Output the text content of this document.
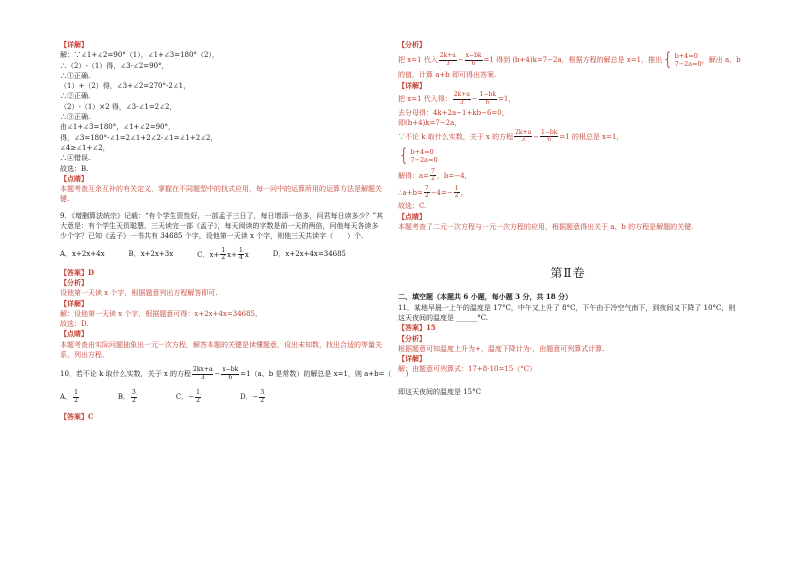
【详解】
解：∵∠1+∠2=90°（1），∠1+∠3=180°（2），
∴（2）-（1）得，∠3-∠2=90°，
∴①正确.
（1）+（2）得，∠3+∠2=270°-2∠1，
∴②正确.
（2）-（1）×2 得，∠3-∠1=2∠2，
∴③正确.
由∠1+∠3=180°，∠1+∠2=90°，
得，∠3=180°-∠1=2∠1+2∠2-∠1=∠1+2∠2，
∠4≥∠1+∠2，
∴④错误.
故选：B.
【点睛】
本题考查互余互补的有关定义，掌握在不同题型中的找式应用，每一问中的运算所用的运算方法是解题关
键.
9．《增删算法统宗》记载：“有个学生资性好，一部孟子三日了，每日增添一倍多，问君每日读多少？”其
大意是：有个学生天资聪慧，三天读完一部《孟子》，每天阅读的字数是前一天的两倍，问他每天各读多
少个字？已知《孟子》一书共有 34685 个字，设他第一天读 x 个字，则他三天共读字（　　）个.
A．x+2x+4x	B．x+2x+3x	C．$x+ \frac{1}{2} x+ \frac{1}{4}$ x	D．x+2x+4x=34685
【答案】D
【分析】
设他第一天读 x 个字，根据题意列出方程解答即可.
【详解】
解：设他第一天读 x 个字，根据题意可得：x+2x+4x=34685，
故选：D.
【点睛】
本题考查由实际问题抽象出一元一次方程，解答本题的关键是读懂题意，设出未知数，找出合适的等量关
系，列出方程.
10．若不论 k 取什么实数，关于 x 的方程 $\frac{2kx+a}{3} - \frac{x-bk}{6} =1(a$、b 是常数）的解总是 x=1，则 a+b=（　　）
A． $\frac{1}{2}$	B． $\frac{3}{2}$	C．− $\frac{1}{2}$	D．− $\frac{3}{2}$
【答案】C
【分析】
把 x=1 代入 $\frac{2k+a}{3} - \frac{x-bk}{6} =1$ 得到 (b+4)k=7−2a，根据方程的解总是 x=1，推出 { b+4=0
7−2a=0
，解出 a、b
的值，计算 a+b 即可得出答案.
【详解】
把 x=1 代入得： $\frac{2k+a}{3} - \frac{1-bk}{6} =1$，
去分母得：4k+2a−1+kb−6=0，
即(b+4)k=7−2a，
∵不论 k 取什么实数，关于 x 的方程 $\frac{2k+a}{3} - \frac{1-bk}{6} =1$ 的根总是 x=1，
{ b+4=0
7−2a=0
解得：$a= \frac{7}{2}$ ，b=−4，
∴a+b= $\frac{7}{2} -4=- \frac{1}{2}$ ，
故选：C.
【点睛】
本题考查了二元一次方程与一元一次方程的应用，根据题意得出关于 a、b 的方程是解题的关键.
第Ⅱ卷
二、填空题（本题共 6 小题，每小题 3 分，共 18 分）
11．某地早晨一上午的温度是 17°C，中午又上升了 8°C，下午由于冷空气南下，到夜间又下降了 10°C，则
这天夜间的温度是 ______°C.
【答案】15
【分析】
根据题意可知温度上升为+，温度下降计为-，由题意可列算式计算.
【详解】
解：由题意可列算式：17+8-10=15（°C）
即这天夜间的温度是 15°C
